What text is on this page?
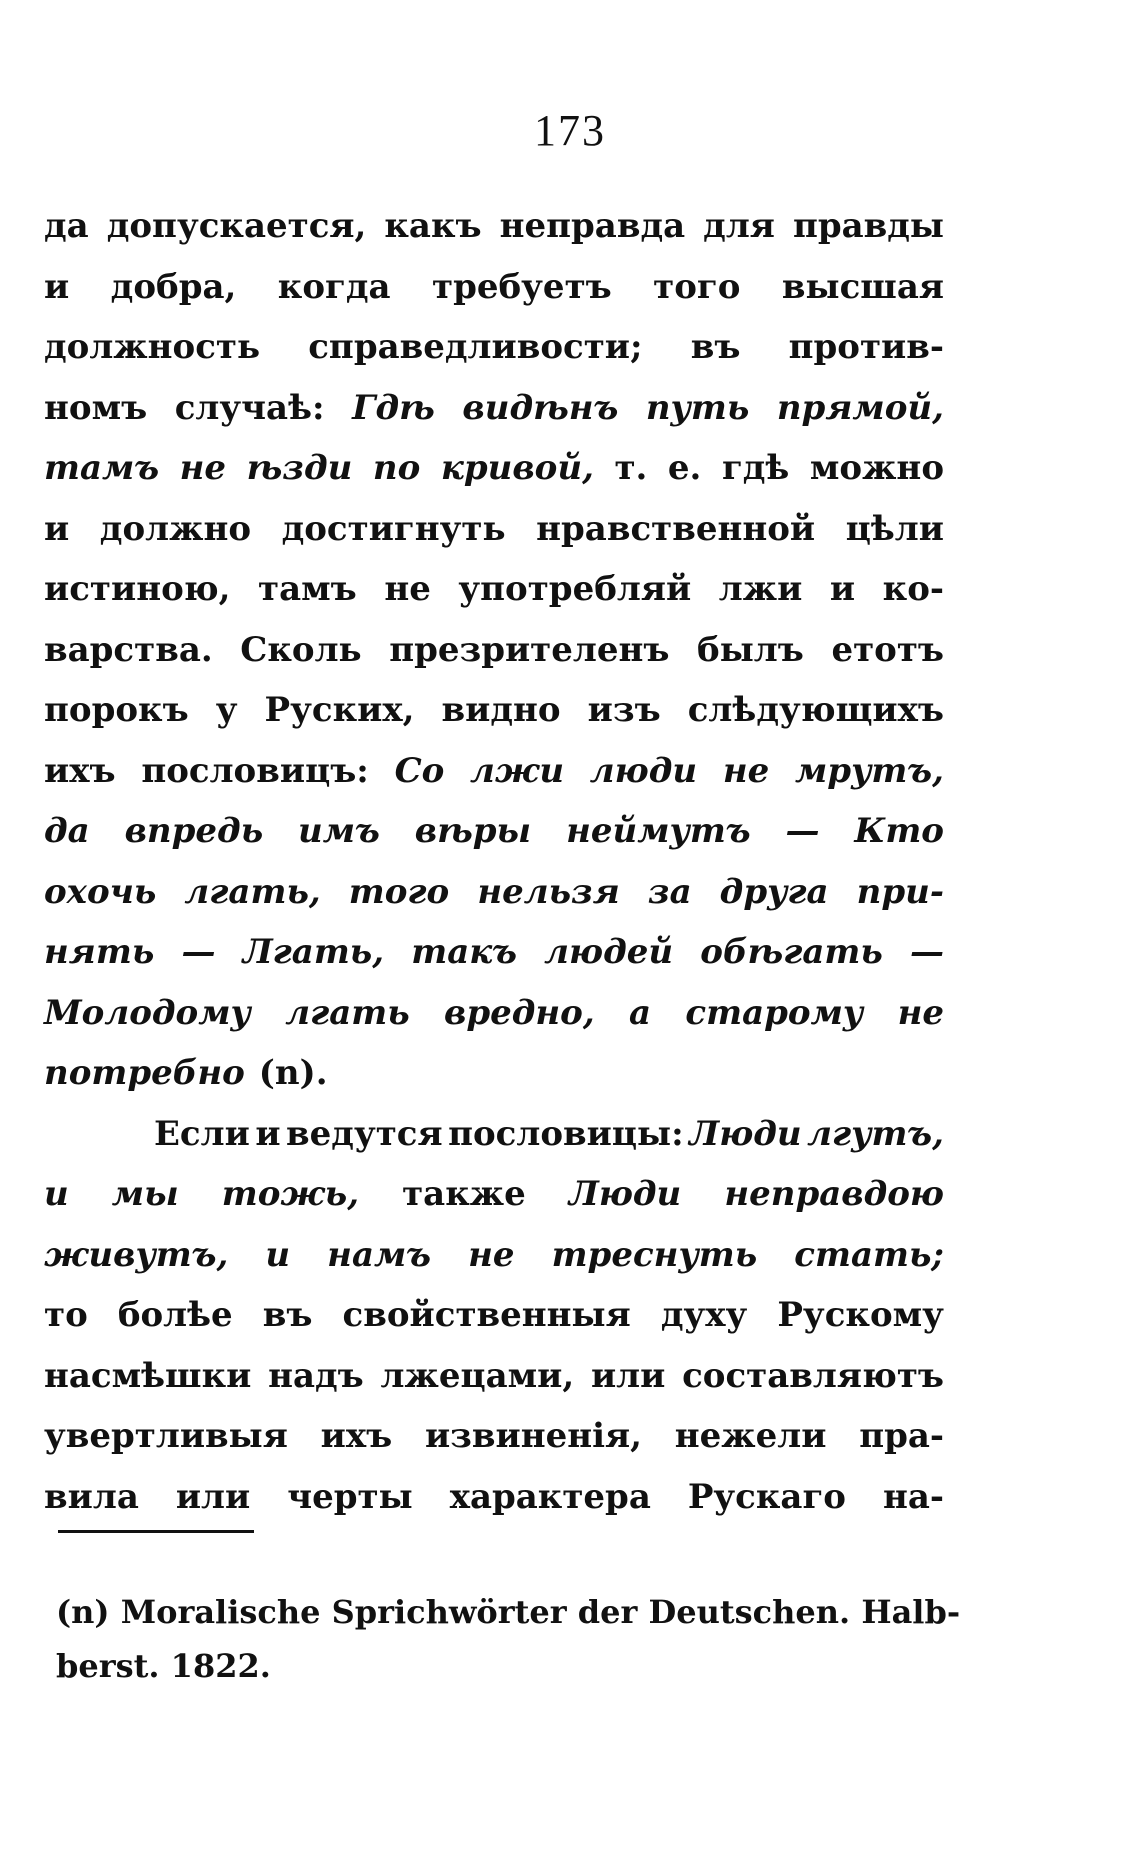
173
да допускается, какъ неправда для правды
и добра, когда требуетъ того высшая
должность справедливости; въ против-
номъ случаѣ: Гдѣ видѣнъ путь прямой,
тамъ не ѣзди по кривой, т. е. гдѣ можно
и должно достигнуть нравственной цѣли
истиною, тамъ не употребляй лжи и ко-
варства. Сколь презрителенъ былъ етотъ
порокъ у Руских, видно изъ слѣдующихъ
ихъ пословицъ: Со лжи люди не мрутъ,
да впредь имъ вѣры неймутъ — Кто
охочь лгать, того нельзя за друга при-
нять — Лгать, такъ людей обѣгать —
Молодому лгать вредно, а старому не
потребно (n).
Если и ведутся пословицы: Люди лгутъ,
и мы тожь, также Люди неправдою
живутъ, и намъ не треснуть стать;
то болѣе въ свойственныя духу Рускому
насмѣшки надъ лжецами, или составляютъ
увертливыя ихъ извиненія, нежели пра-
вила или черты характера Рускаго на-
(n) Moralische Sprichwörter der Deutschen. Halb-
berst. 1822.
